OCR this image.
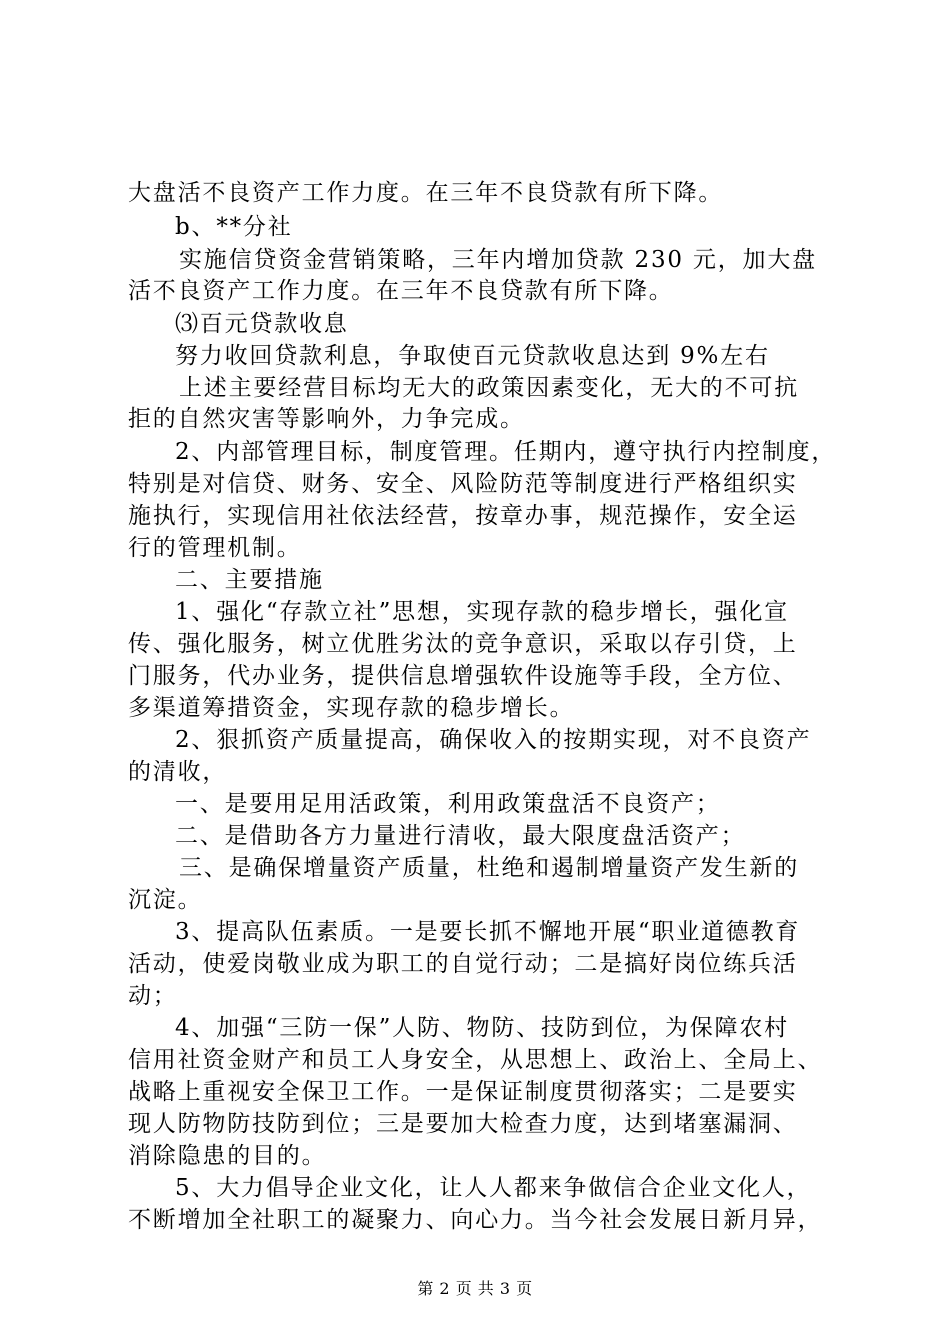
大盘活不良资产工作力度。在三年不良贷款有所下降。
b、**分社
实施信贷资金营销策略，三年内增加贷款 230 元，加大盘
活不良资产工作力度。在三年不良贷款有所下降。
⑶百元贷款收息
努力收回贷款利息，争取使百元贷款收息达到 9%左右
上述主要经营目标均无大的政策因素变化，无大的不可抗
拒的自然灾害等影响外，力争完成。
2、内部管理目标，制度管理。任期内，遵守执行内控制度，
特别是对信贷、财务、安全、风险防范等制度进行严格组织实
施执行，实现信用社依法经营，按章办事，规范操作，安全运
行的管理机制。
二、主要措施
1、强化“存款立社”思想，实现存款的稳步增长，强化宣
传、强化服务，树立优胜劣汰的竞争意识，采取以存引贷，上
门服务，代办业务，提供信息增强软件设施等手段，全方位、
多渠道筹措资金，实现存款的稳步增长。
2、狠抓资产质量提高，确保收入的按期实现，对不良资产
的清收，
一、是要用足用活政策，利用政策盘活不良资产；
二、是借助各方力量进行清收，最大限度盘活资产；
三、是确保增量资产质量，杜绝和遏制增量资产发生新的
沉淀。
3、提高队伍素质。一是要长抓不懈地开展“职业道德教育
活动，使爱岗敬业成为职工的自觉行动；二是搞好岗位练兵活
动；
4、加强“三防一保”人防、物防、技防到位，为保障农村
信用社资金财产和员工人身安全，从思想上、政治上、全局上、
战略上重视安全保卫工作。一是保证制度贯彻落实；二是要实
现人防物防技防到位；三是要加大检查力度，达到堵塞漏洞、
消除隐患的目的。
5、大力倡导企业文化，让人人都来争做信合企业文化人，
不断增加全社职工的凝聚力、向心力。当今社会发展日新月异，
第 2 页 共 3 页
